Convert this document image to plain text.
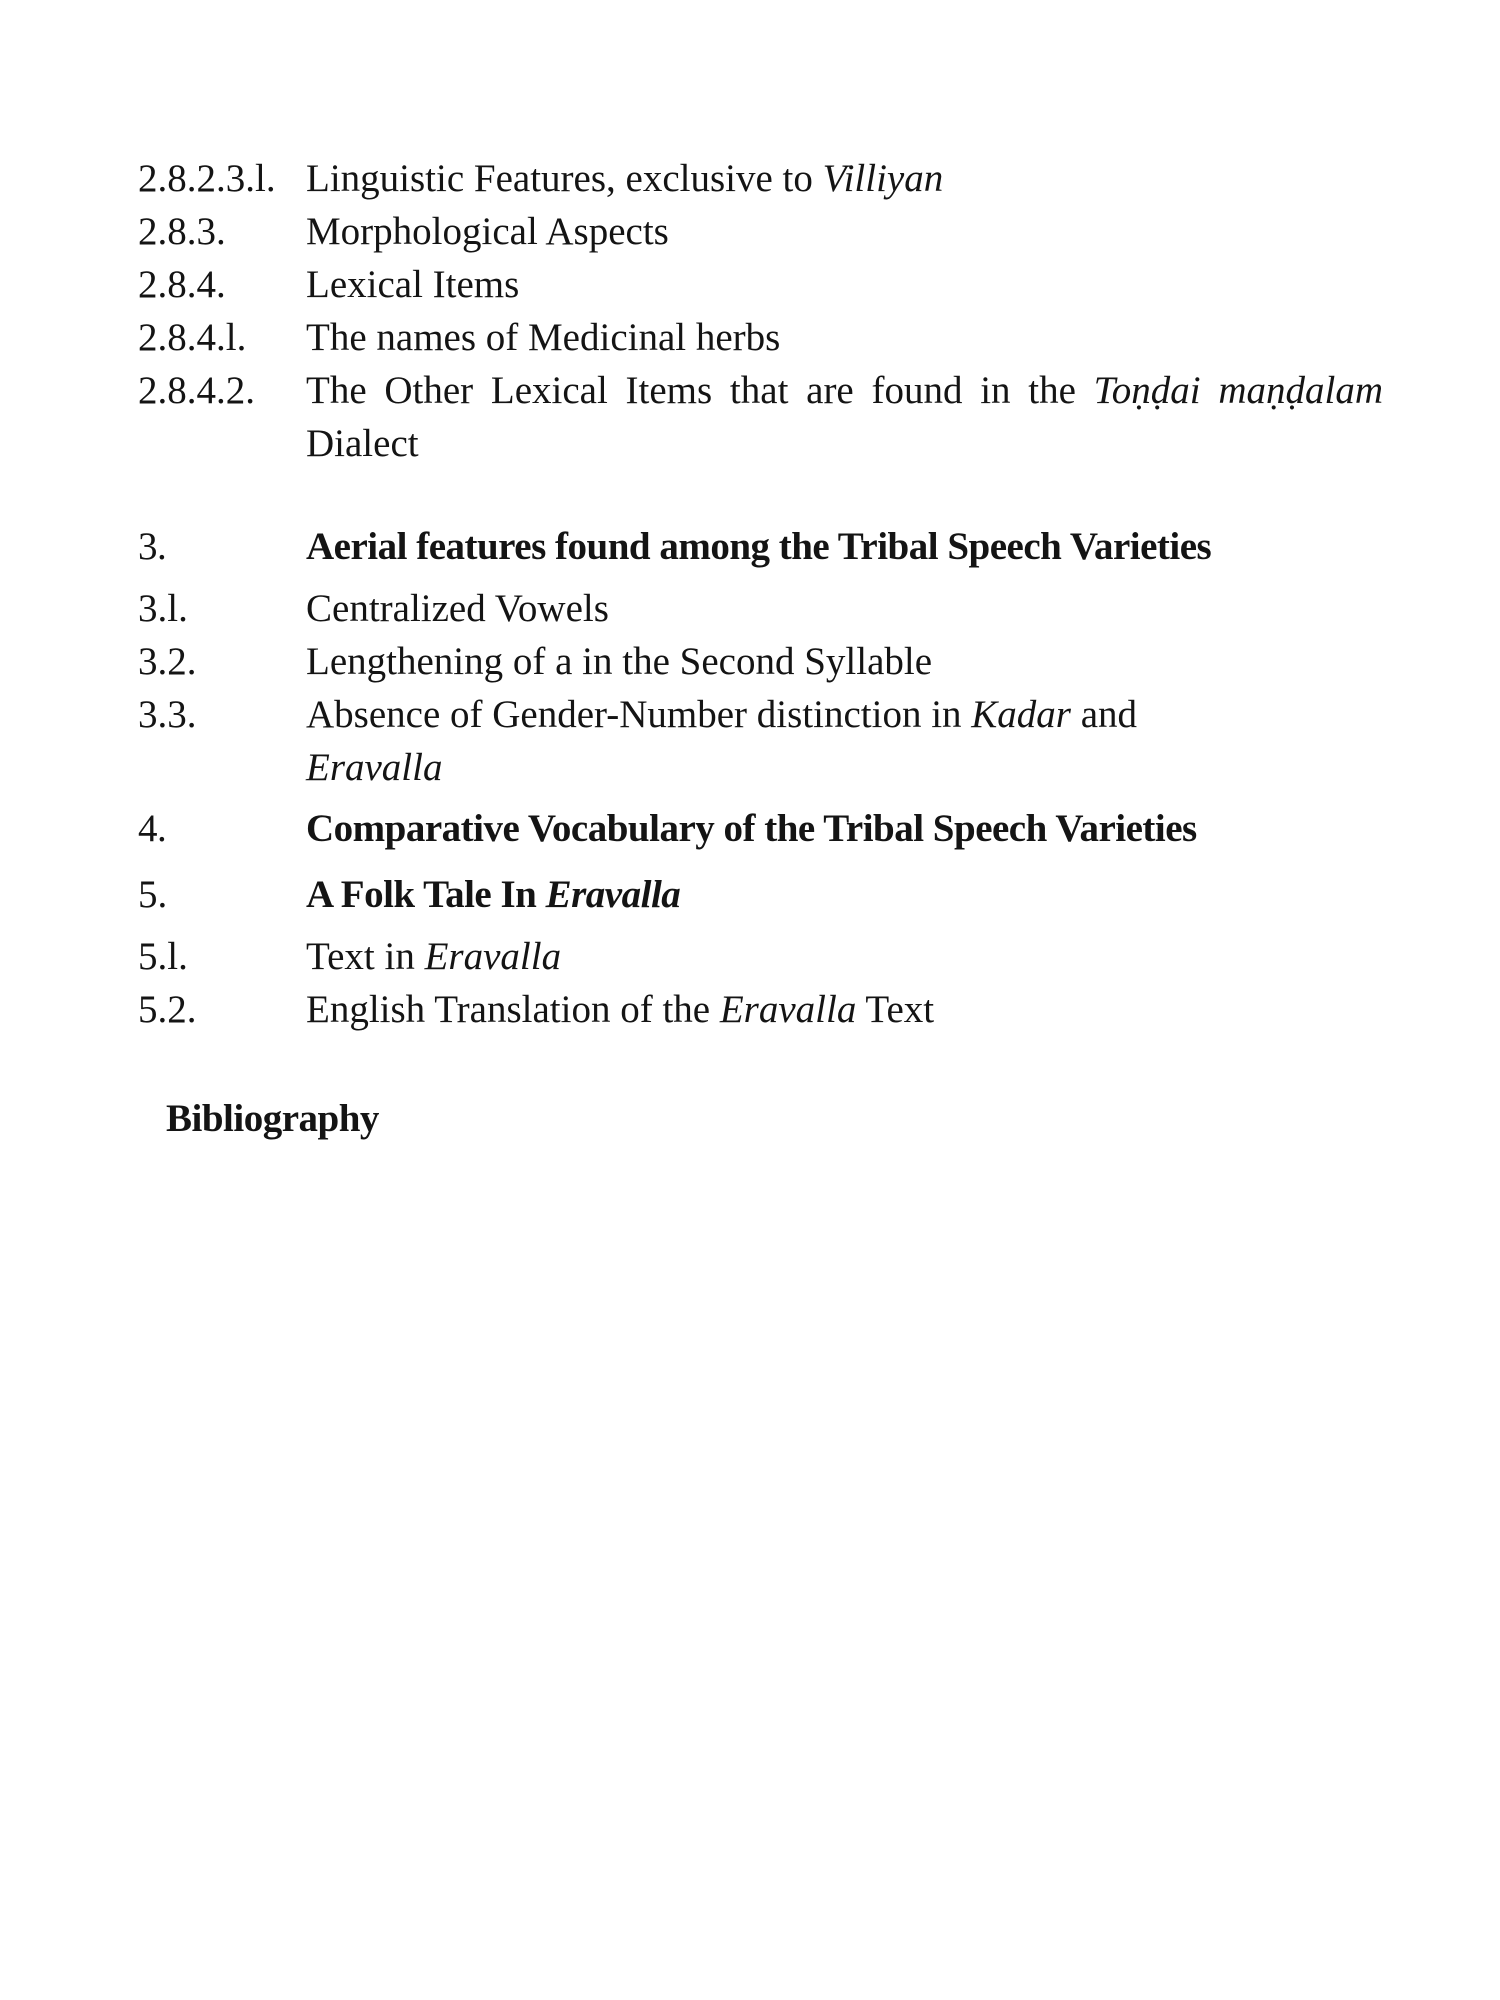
2.8.2.3.l. Linguistic Features, exclusive to Villiyan
2.8.3. Morphological Aspects
2.8.4. Lexical Items
2.8.4.l. The names of Medicinal herbs
2.8.4.2. The Other Lexical Items that are found in the Toṇḍai maṇḍalam Dialect
3.	Aerial features found among the Tribal Speech Varieties
3.l.	Centralized Vowels
3.2.	Lengthening of a in the Second Syllable
3.3.	Absence of Gender-Number distinction in Kadar and Eravalla
4.	Comparative Vocabulary of the Tribal Speech Varieties
5.	A Folk Tale In Eravalla
5.l.	Text in Eravalla
5.2.	English Translation of the Eravalla Text
Bibliography
